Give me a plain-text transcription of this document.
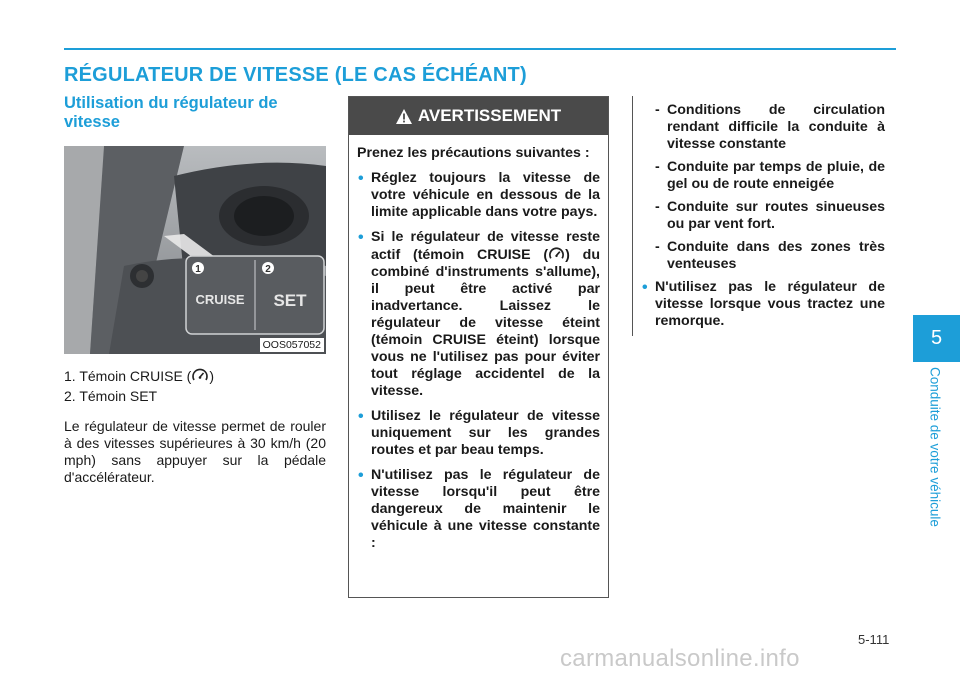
RÉGULATEUR DE VITESSE (LE CAS ÉCHÉANT)

Utilisation du régulateur de
vitesse

1	2
CRUISE SET
OOS057052
1. Témoin CRUISE ( )
2. Témoin SET
Le régulateur de vitesse permet de rouler à des vitesses supérieures à 30 km/h (20 mph) sans appuyer sur la pédale d'accélérateur.
AVERTISSEMENT

Prenez les précautions suivantes :

• Réglez toujours la vitesse de votre véhicule en dessous de la limite applicable dans votre pays.
• Si le régulateur de vitesse reste actif (témoin CRUISE ( ) du combiné d'instruments s'allume), il peut être activé par inadvertance. Laissez le régulateur de vitesse éteint (témoin CRUISE éteint) lorsque vous ne l'utilisez pas pour éviter tout réglage accidentel de la vitesse.
• Utilisez le régulateur de vitesse uniquement sur les grandes routes et par beau temps.
• N'utilisez pas le régulateur de vitesse lorsqu'il peut être dangereux de maintenir le véhicule à une vitesse constante :
- Conditions de circulation rendant difficile la conduite à vitesse constante
- Conduite par temps de pluie, de gel ou de route enneigée
- Conduite sur routes sinueuses ou par vent fort.
- Conduite dans des zones très venteuses
• N'utilisez pas le régulateur de vitesse lorsque vous tractez une remorque.
5
Conduite de votre véhicule
5-111
carmanualsonline.info
